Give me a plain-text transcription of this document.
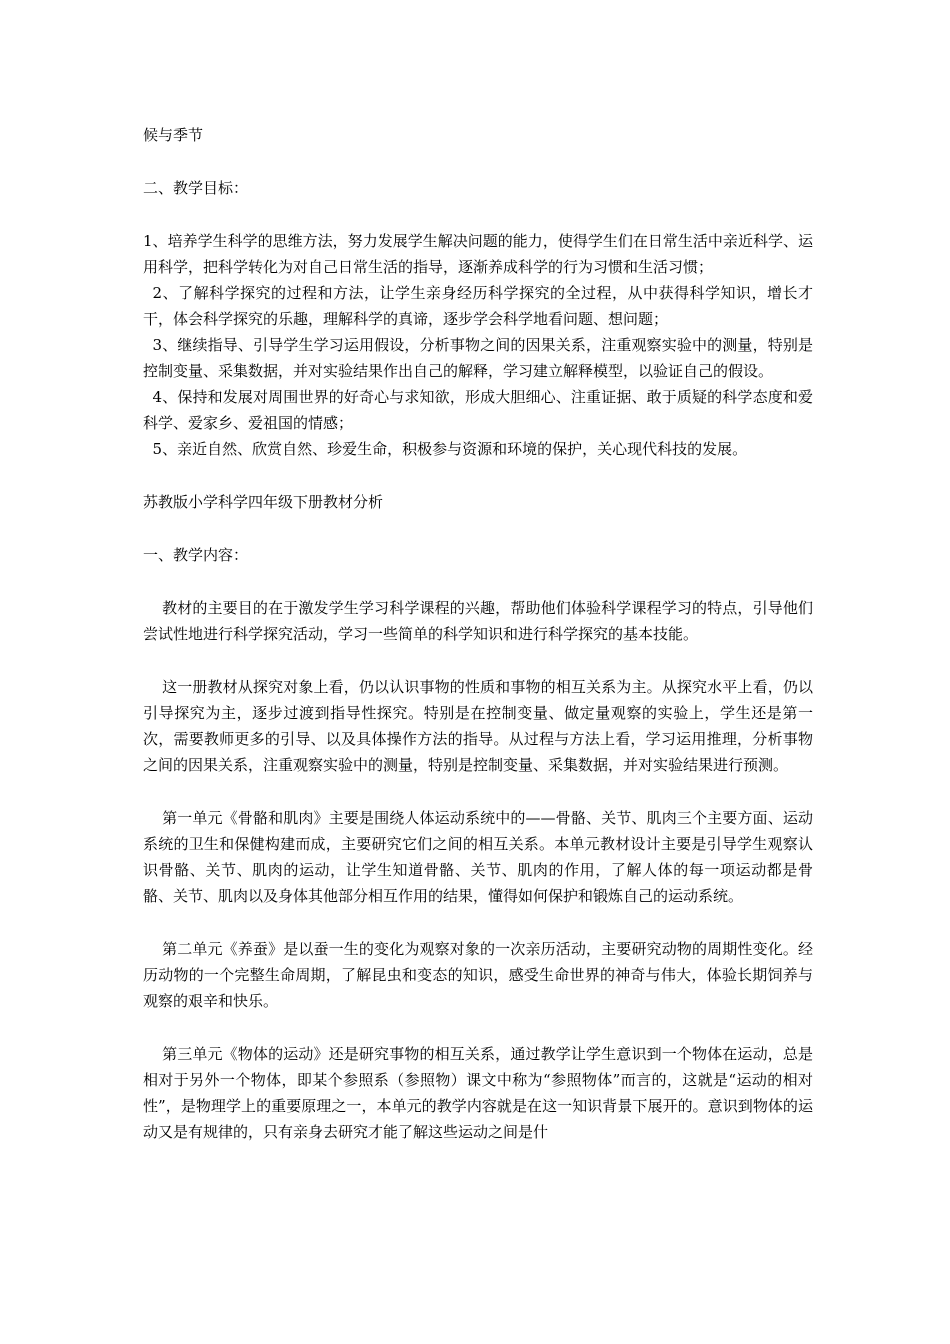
候与季节

二、教学目标：

1、培养学生科学的思维方法，努力发展学生解决问题的能力，使得学生们在日常生活中亲近科学、运用科学，把科学转化为对自己日常生活的指导，逐渐养成科学的行为习惯和生活习惯；

2、了解科学探究的过程和方法，让学生亲身经历科学探究的全过程，从中获得科学知识，增长才干，体会科学探究的乐趣，理解科学的真谛，逐步学会科学地看问题、想问题；

3、继续指导、引导学生学习运用假设，分析事物之间的因果关系，注重观察实验中的测量，特别是控制变量、采集数据，并对实验结果作出自己的解释，学习建立解释模型，以验证自己的假设。

4、保持和发展对周围世界的好奇心与求知欲，形成大胆细心、注重证据、敢于质疑的科学态度和爱科学、爱家乡、爱祖国的情感；

5、亲近自然、欣赏自然、珍爱生命，积极参与资源和环境的保护，关心现代科技的发展。

苏教版小学科学四年级下册教材分析

一、教学内容：

教材的主要目的在于激发学生学习科学课程的兴趣，帮助他们体验科学课程学习的特点，引导他们尝试性地进行科学探究活动，学习一些简单的科学知识和进行科学探究的基本技能。

这一册教材从探究对象上看，仍以认识事物的性质和事物的相互关系为主。从探究水平上看，仍以引导探究为主，逐步过渡到指导性探究。特别是在控制变量、做定量观察的实验上，学生还是第一次，需要教师更多的引导、以及具体操作方法的指导。从过程与方法上看，学习运用推理，分析事物之间的因果关系，注重观察实验中的测量，特别是控制变量、采集数据，并对实验结果进行预测。

第一单元《骨骼和肌肉》主要是围绕人体运动系统中的——骨骼、关节、肌肉三个主要方面、运动系统的卫生和保健构建而成，主要研究它们之间的相互关系。本单元教材设计主要是引导学生观察认识骨骼、关节、肌肉的运动，让学生知道骨骼、关节、肌肉的作用，了解人体的每一项运动都是骨骼、关节、肌肉以及身体其他部分相互作用的结果，懂得如何保护和锻炼自己的运动系统。

第二单元《养蚕》是以蚕一生的变化为观察对象的一次亲历活动，主要研究动物的周期性变化。经历动物的一个完整生命周期，了解昆虫和变态的知识，感受生命世界的神奇与伟大，体验长期饲养与观察的艰辛和快乐。

第三单元《物体的运动》还是研究事物的相互关系，通过教学让学生意识到一个物体在运动，总是相对于另外一个物体，即某个参照系（参照物）课文中称为“参照物体”而言的，这就是“运动的相对性”，是物理学上的重要原理之一，本单元的教学内容就是在这一知识背景下展开的。意识到物体的运动又是有规律的，只有亲身去研究才能了解这些运动之间是什
